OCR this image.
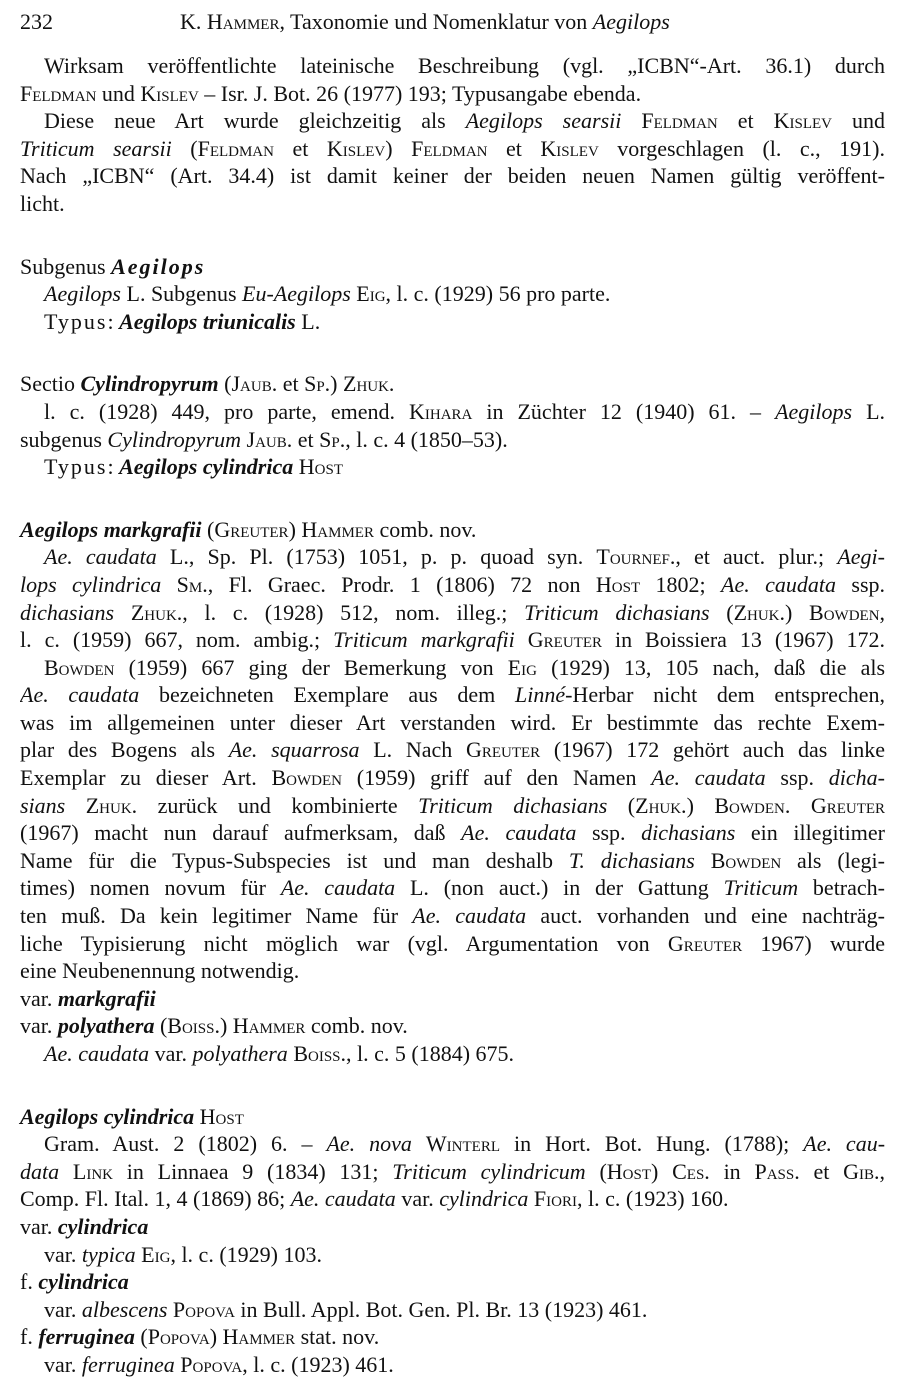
232	K. Hammer, Taxonomie und Nomenklatur von Aegilops
Wirksam veröffentlichte lateinische Beschreibung (vgl. „ICBN“-Art. 36.1) durch
Feldman und Kislev – Isr. J. Bot. 26 (1977) 193; Typusangabe ebenda.
Diese neue Art wurde gleichzeitig als Aegilops searsii Feldman et Kislev und
Triticum searsii (Feldman et Kislev) Feldman et Kislev vorgeschlagen (l. c., 191).
Nach „ICBN“ (Art. 34.4) ist damit keiner der beiden neuen Namen gültig veröffent-
licht.
Subgenus Aegilops
Aegilops L. Subgenus Eu-Aegilops Eig, l. c. (1929) 56 pro parte.
Typus: Aegilops triunicalis L.
Sectio Cylindropyrum (Jaub. et Sp.) Zhuk.
l. c. (1928) 449, pro parte, emend. Kihara in Züchter 12 (1940) 61. – Aegilops L.
subgenus Cylindropyrum Jaub. et Sp., l. c. 4 (1850–53).
Typus: Aegilops cylindrica Host
Aegilops markgrafii (Greuter) Hammer comb. nov.
Ae. caudata L., Sp. Pl. (1753) 1051, p. p. quoad syn. Tournef., et auct. plur.; Aegi-
lops cylindrica Sm., Fl. Graec. Prodr. 1 (1806) 72 non Host 1802; Ae. caudata ssp.
dichasians Zhuk., l. c. (1928) 512, nom. illeg.; Triticum dichasians (Zhuk.) Bowden,
l. c. (1959) 667, nom. ambig.; Triticum markgrafii Greuter in Boissiera 13 (1967) 172.
Bowden (1959) 667 ging der Bemerkung von Eig (1929) 13, 105 nach, daß die als
Ae. caudata bezeichneten Exemplare aus dem Linné-Herbar nicht dem entsprechen,
was im allgemeinen unter dieser Art verstanden wird. Er bestimmte das rechte Exem-
plar des Bogens als Ae. squarrosa L. Nach Greuter (1967) 172 gehört auch das linke
Exemplar zu dieser Art. Bowden (1959) griff auf den Namen Ae. caudata ssp. dicha-
sians Zhuk. zurück und kombinierte Triticum dichasians (Zhuk.) Bowden. Greuter
(1967) macht nun darauf aufmerksam, daß Ae. caudata ssp. dichasians ein illegitimer
Name für die Typus-Subspecies ist und man deshalb T. dichasians Bowden als (legi-
times) nomen novum für Ae. caudata L. (non auct.) in der Gattung Triticum betrach-
ten muß. Da kein legitimer Name für Ae. caudata auct. vorhanden und eine nachträg-
liche Typisierung nicht möglich war (vgl. Argumentation von Greuter 1967) wurde
eine Neubenennung notwendig.
var. markgrafii
var. polyathera (Boiss.) Hammer comb. nov.
Ae. caudata var. polyathera Boiss., l. c. 5 (1884) 675.
Aegilops cylindrica Host
Gram. Aust. 2 (1802) 6. – Ae. nova Winterl in Hort. Bot. Hung. (1788); Ae. cau-
data Link in Linnaea 9 (1834) 131; Triticum cylindricum (Host) Ces. in Pass. et Gib.,
Comp. Fl. Ital. 1, 4 (1869) 86; Ae. caudata var. cylindrica Fiori, l. c. (1923) 160.
var. cylindrica
var. typica Eig, l. c. (1929) 103.
f. cylindrica
var. albescens Popova in Bull. Appl. Bot. Gen. Pl. Br. 13 (1923) 461.
f. ferruginea (Popova) Hammer stat. nov.
var. ferruginea Popova, l. c. (1923) 461.
